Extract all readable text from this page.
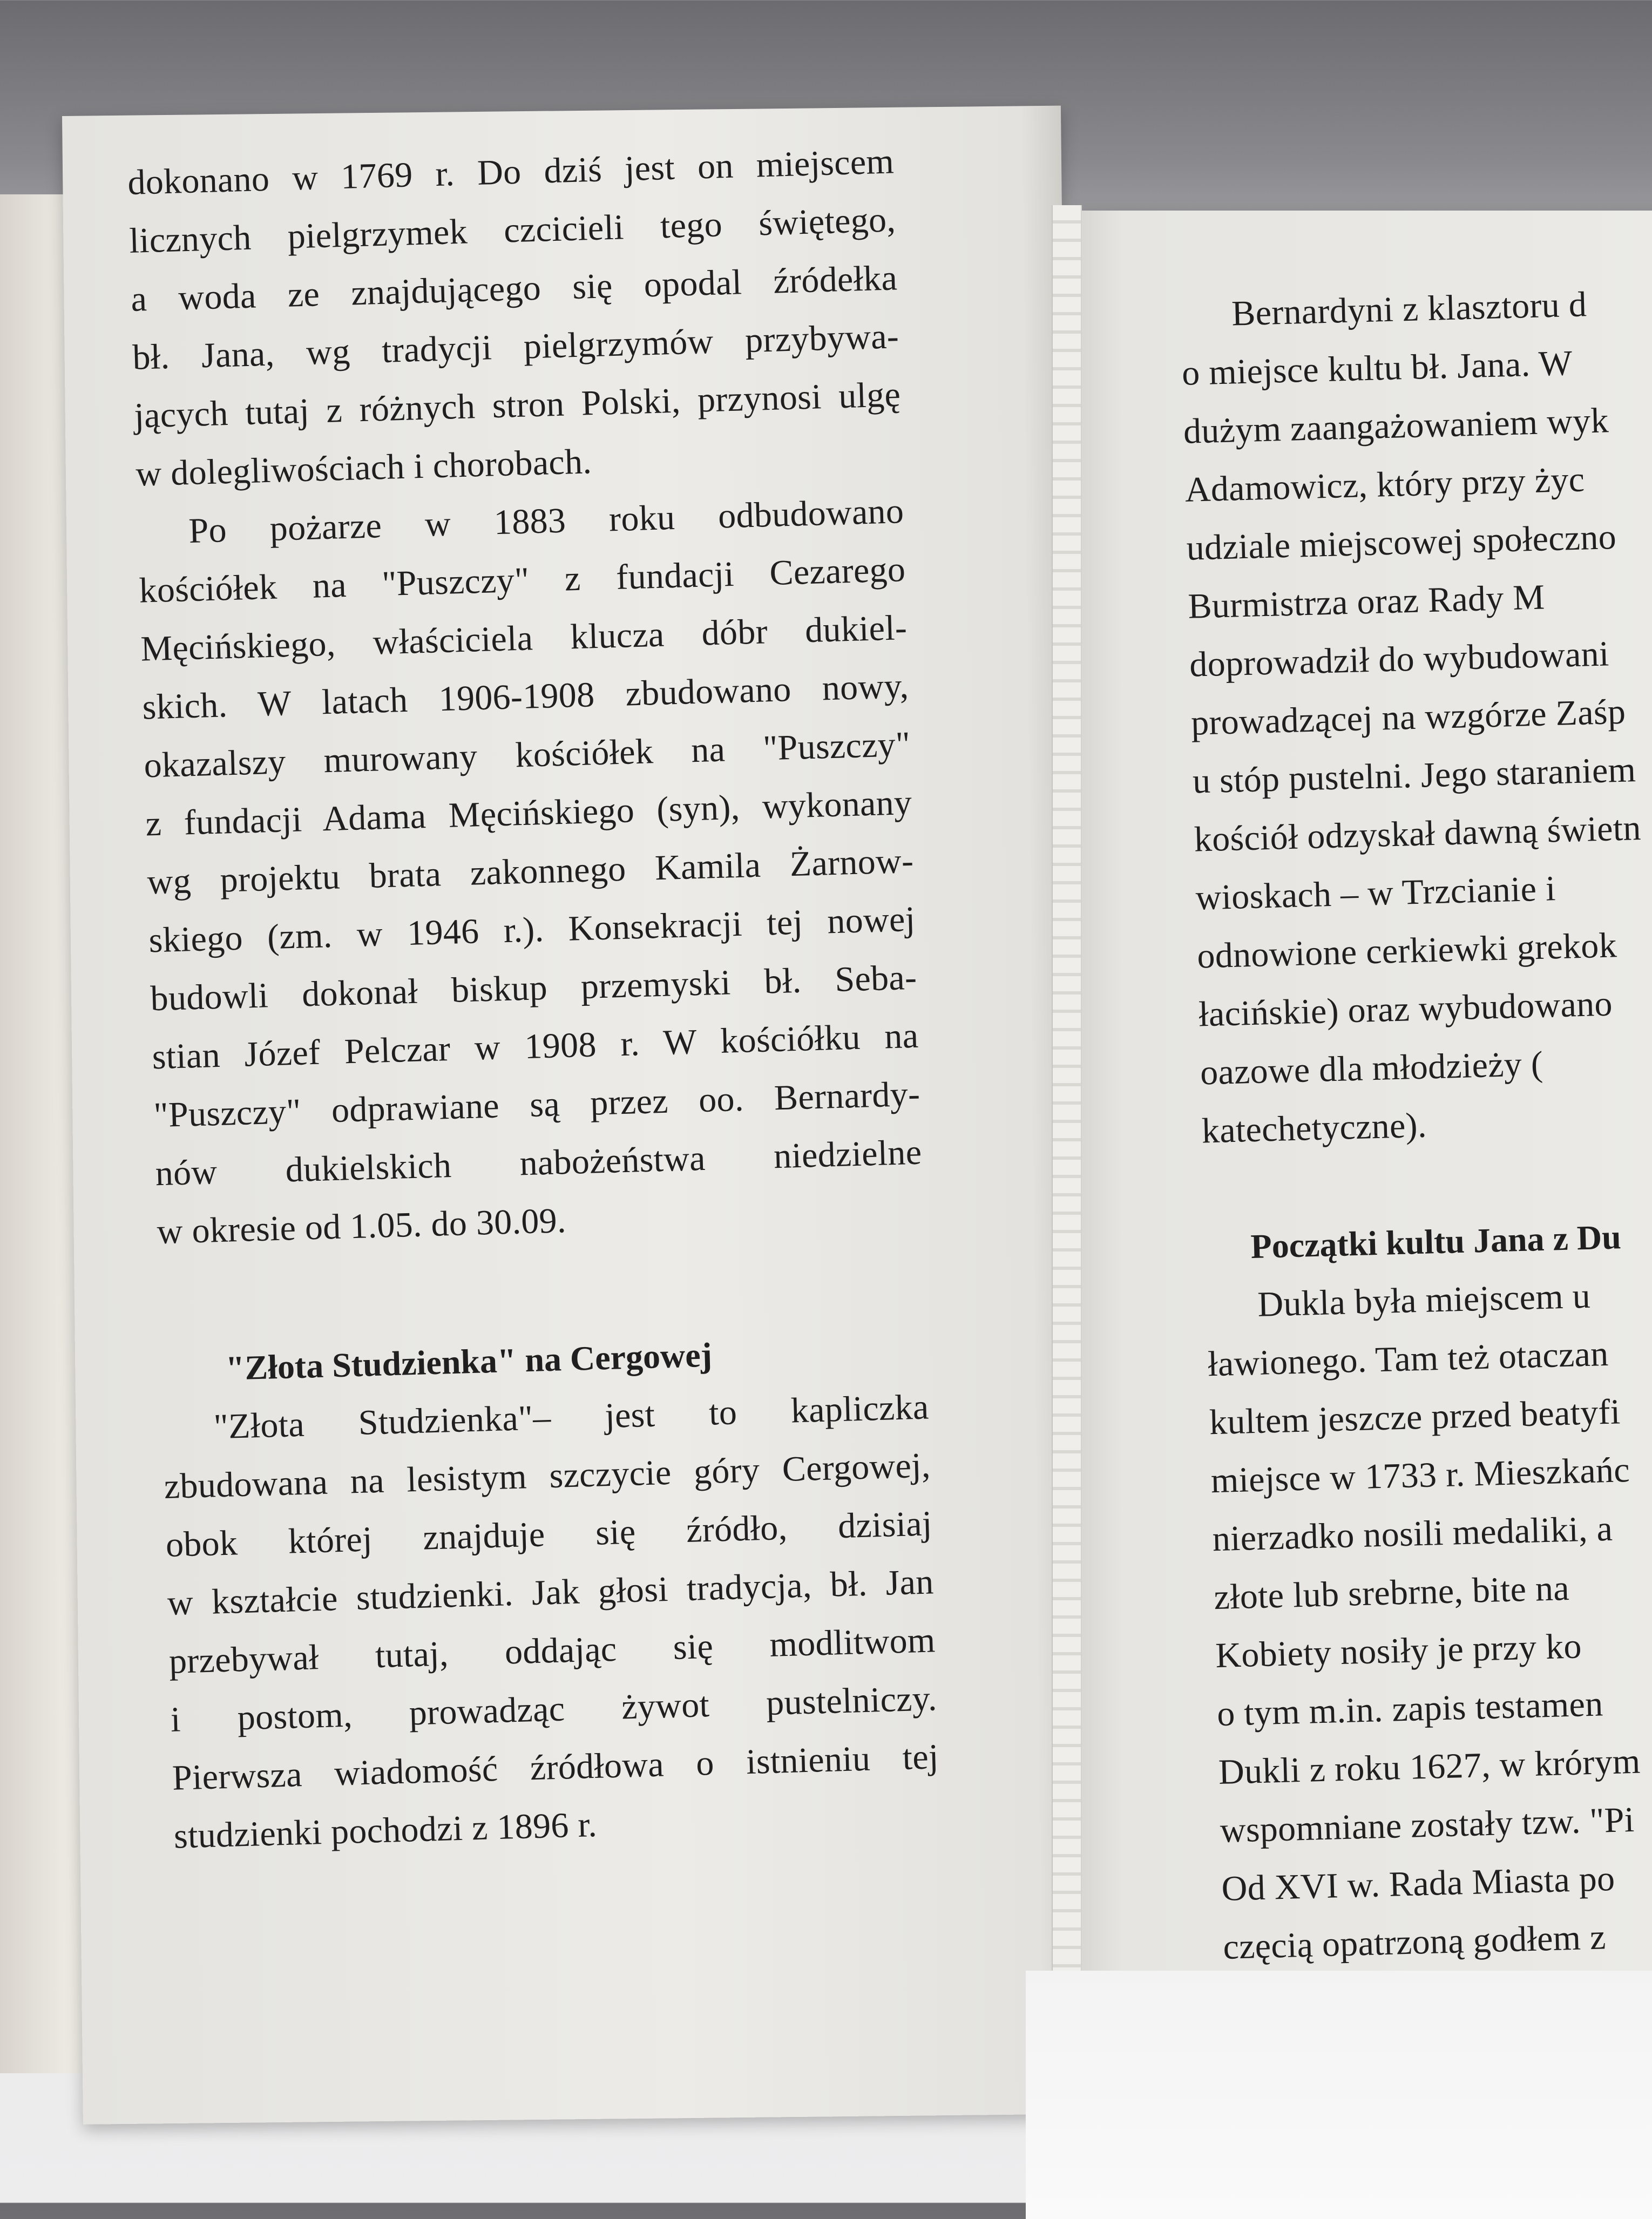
dokonano w 1769 r. Do dziś jest on miejscem
licznych pielgrzymek czcicieli tego świętego,
a woda ze znajdującego się opodal źródełka
bł. Jana, wg tradycji pielgrzymów przybywa-
jących tutaj z różnych stron Polski, przynosi ulgę
w dolegliwościach i chorobach.
Po pożarze w 1883 roku odbudowano
kościółek na "Puszczy" z fundacji Cezarego
Męcińskiego, właściciela klucza dóbr dukiel-
skich. W latach 1906-1908 zbudowano nowy,
okazalszy murowany kościółek na "Puszczy"
z fundacji Adama Męcińskiego (syn), wykonany
wg projektu brata zakonnego Kamila Żarnow-
skiego (zm. w 1946 r.). Konsekracji tej nowej
budowli dokonał biskup przemyski bł. Seba-
stian Józef Pelczar w 1908 r. W kościółku na
"Puszczy" odprawiane są przez oo. Bernardy-
nów dukielskich nabożeństwa niedzielne
w okresie od 1.05. do 30.09.
"Złota Studzienka" na Cergowej
"Złota Studzienka"– jest to kapliczka
zbudowana na lesistym szczycie góry Cergowej,
obok której znajduje się źródło, dzisiaj
w kształcie studzienki. Jak głosi tradycja, bł. Jan
przebywał tutaj, oddając się modlitwom
i postom, prowadząc żywot pustelniczy.
Pierwsza wiadomość źródłowa o istnieniu tej
studzienki pochodzi z 1896 r.
Bernardyni z klasztoru d
o miejsce kultu bł. Jana. W
dużym zaangażowaniem wyk
Adamowicz, który przy życ
udziale miejscowej społeczno
Burmistrza oraz Rady M
doprowadził do wybudowani
prowadzącej na wzgórze Zaśp
u stóp pustelni. Jego staraniem
kościół odzyskał dawną świetn
wioskach – w Trzcianie i
odnowione cerkiewki grekok
łacińskie) oraz wybudowano
oazowe dla młodzieży (
katechetyczne).
Początki kultu Jana z Du
Dukla była miejscem u
ławionego. Tam też otaczan
kultem jeszcze przed beatyfi
miejsce w 1733 r. Mieszkańc
nierzadko nosili medaliki, a
złote lub srebrne, bite na
Kobiety nosiły je przy ko
o tym m.in. zapis testamen
Dukli z roku 1627, w krórym
wspomniane zostały tzw. "Pi
Od XVI w. Rada Miasta po
częcią opatrzoną godłem z
